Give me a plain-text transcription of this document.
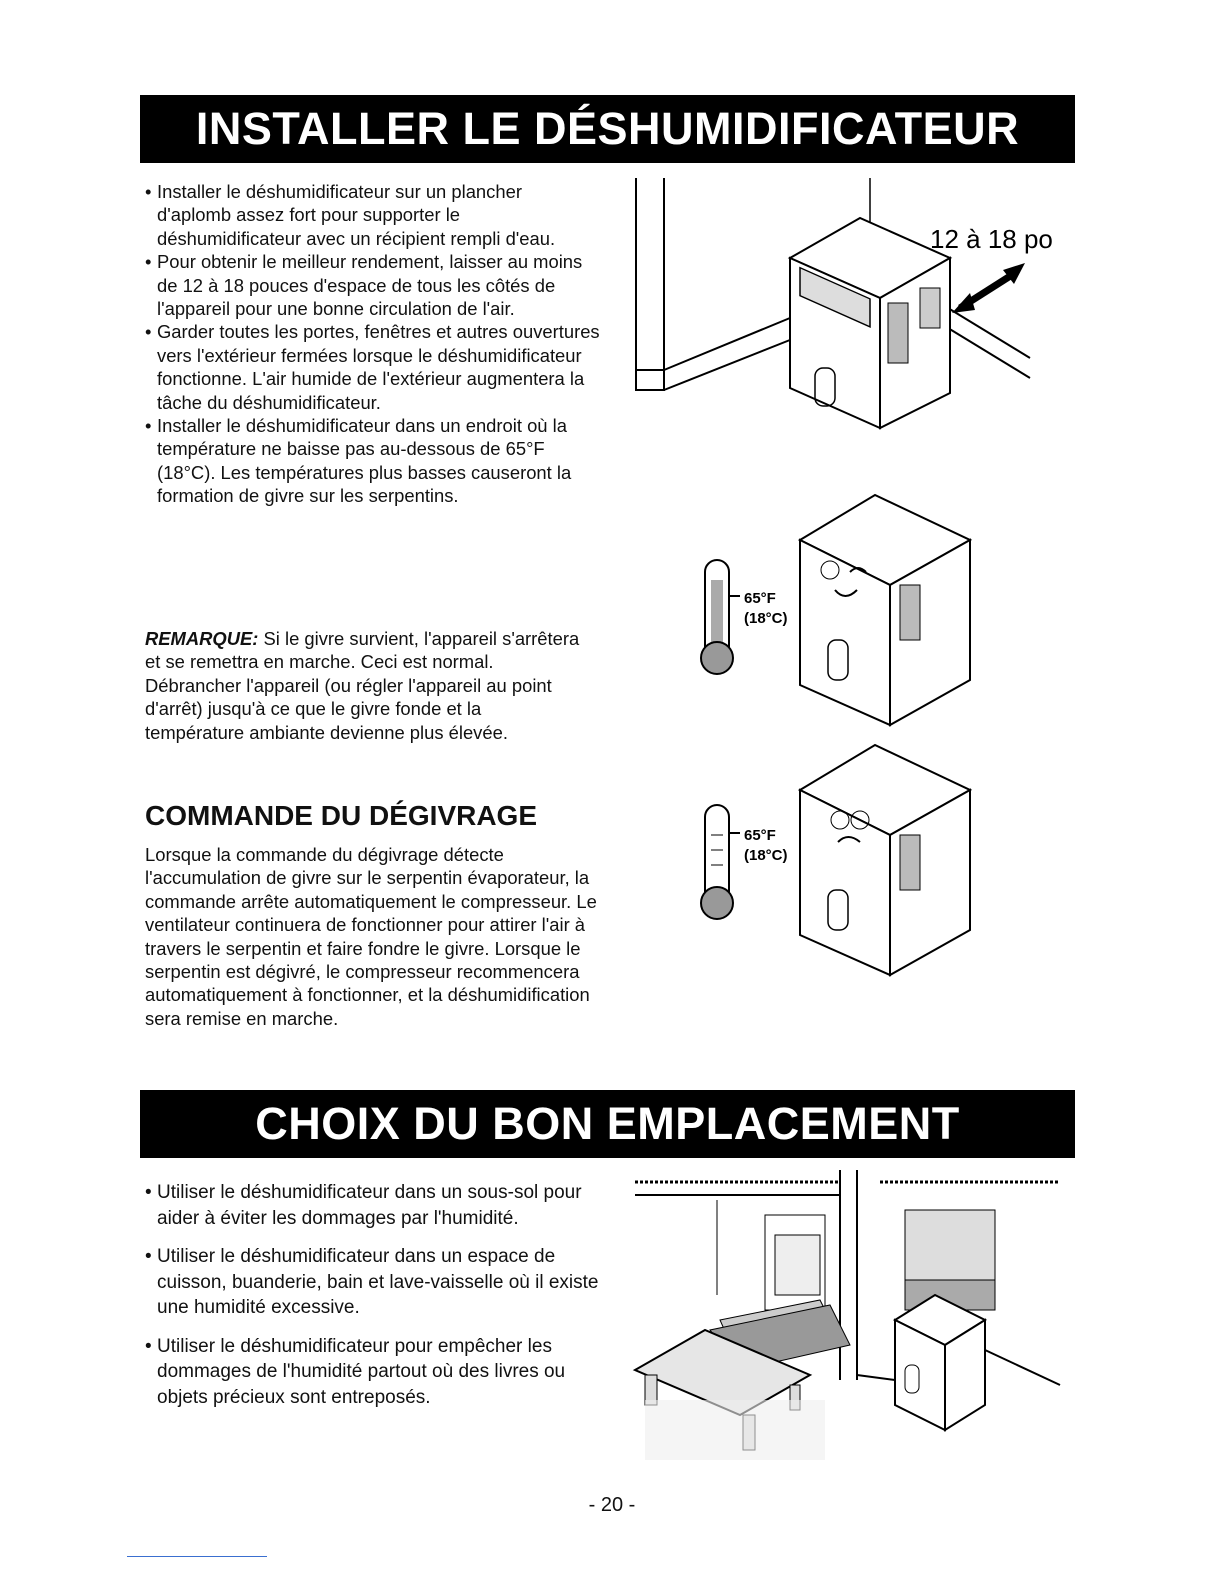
INSTALLER LE DÉSHUMIDIFICATEUR
• Installer le déshumidificateur sur un plancher d'aplomb assez fort pour supporter le déshumidificateur avec un récipient rempli d'eau.
• Pour obtenir le meilleur rendement, laisser au moins de 12 à 18 pouces d'espace de tous les côtés de l'appareil pour une bonne circulation de l'air.
• Garder toutes les portes, fenêtres et autres ouvertures vers l'extérieur fermées lorsque le déshumidificateur fonctionne. L'air humide de l'extérieur augmentera la tâche du déshumidificateur.
• Installer le déshumidificateur dans un endroit où la température ne baisse pas au-dessous de 65°F (18°C). Les températures plus basses causeront la formation de givre sur les serpentins.

REMARQUE: Si le givre survient, l'appareil s'arrêtera et se remettra en marche. Ceci est normal. Débrancher l'appareil (ou régler l'appareil au point d'arrêt) jusqu'à ce que le givre fonde et la température ambiante devienne plus élevée.

COMMANDE DU DÉGIVRAGE

Lorsque la commande du dégivrage détecte l'accumulation de givre sur le serpentin évaporateur, la commande arrête automatiquement le compresseur. Le ventilateur continuera de fonctionner pour attirer l'air à travers le serpentin et faire fondre le givre. Lorsque le serpentin est dégivré, le compresseur recommencera automatiquement à fonctionner, et la déshumidification sera remise en marche.

12 à 18 po
65°F
(18°C)
65°F
(18°C)
CHOIX DU BON EMPLACEMENT
• Utiliser le déshumidificateur dans un sous-sol pour aider à éviter les dommages par l'humidité.
• Utiliser le déshumidificateur dans un espace de cuisson, buanderie, bain et lave-vaisselle où il existe une humidité excessive.
• Utiliser le déshumidificateur pour empêcher les dommages de l'humidité partout où des livres ou objets précieux sont entreposés.
- 20 -
